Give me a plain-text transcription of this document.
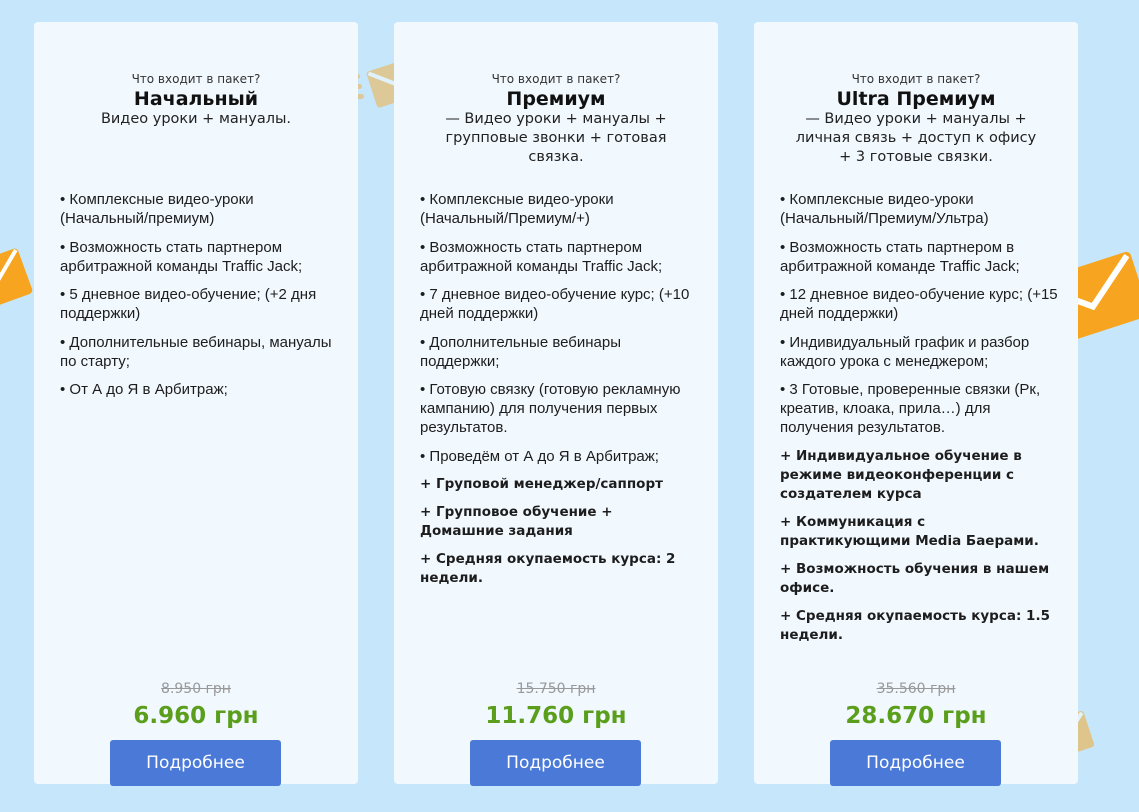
Что входит в пакет?
Начальный
Видео уроки + мануалы.
• Комплексные видео-уроки (Начальный/премиум)
• Возможность стать партнером арбитражной команды Traffic Jack;
• 5 дневное видео-обучение; (+2 дня поддержки)
• Дополнительные вебинары, мануалы по старту;
• От А до Я в Арбитраж;
8.950 грн
6.960 грн
Подробнее
Что входит в пакет?
Премиум
— Видео уроки + мануалы + групповые звонки + готовая связка.
• Комплексные видео-уроки (Начальный/Премиум/+)
• Возможность стать партнером арбитражной команды Traffic Jack;
• 7 дневное видео-обучение курс; (+10 дней поддержки)
• Дополнительные вебинары поддержки;
• Готовую связку (готовую рекламную кампанию) для получения первых результатов.
• Проведём от А до Я в Арбитраж;
+ Груповой менеджер/саппорт
+ Групповое обучение + Домашние задания
+ Средняя окупаемость курса: 2 недели.
15.750 грн
11.760 грн
Подробнее
Что входит в пакет?
Ultra Премиум
— Видео уроки + мануалы + личная связь + доступ к офису + 3 готовые связки.
• Комплексные видео-уроки (Начальный/Премиум/Ультра)
• Возможность стать партнером в арбитражной команде Traffic Jack;
• 12 дневное видео-обучение курс; (+15 дней поддержки)
• Индивидуальный график и разбор каждого урока с менеджером;
• 3 Готовые, проверенные связки (Рк, креатив, клоака, прила…) для получения результатов.
+ Индивидуальное обучение в режиме видеоконференции с создателем курса
+ Коммуникация с практикующими Media Баерами.
+ Возможность обучения в нашем офисе.
+ Средняя окупаемость курса: 1.5 недели.
35.560 грн
28.670 грн
Подробнее
